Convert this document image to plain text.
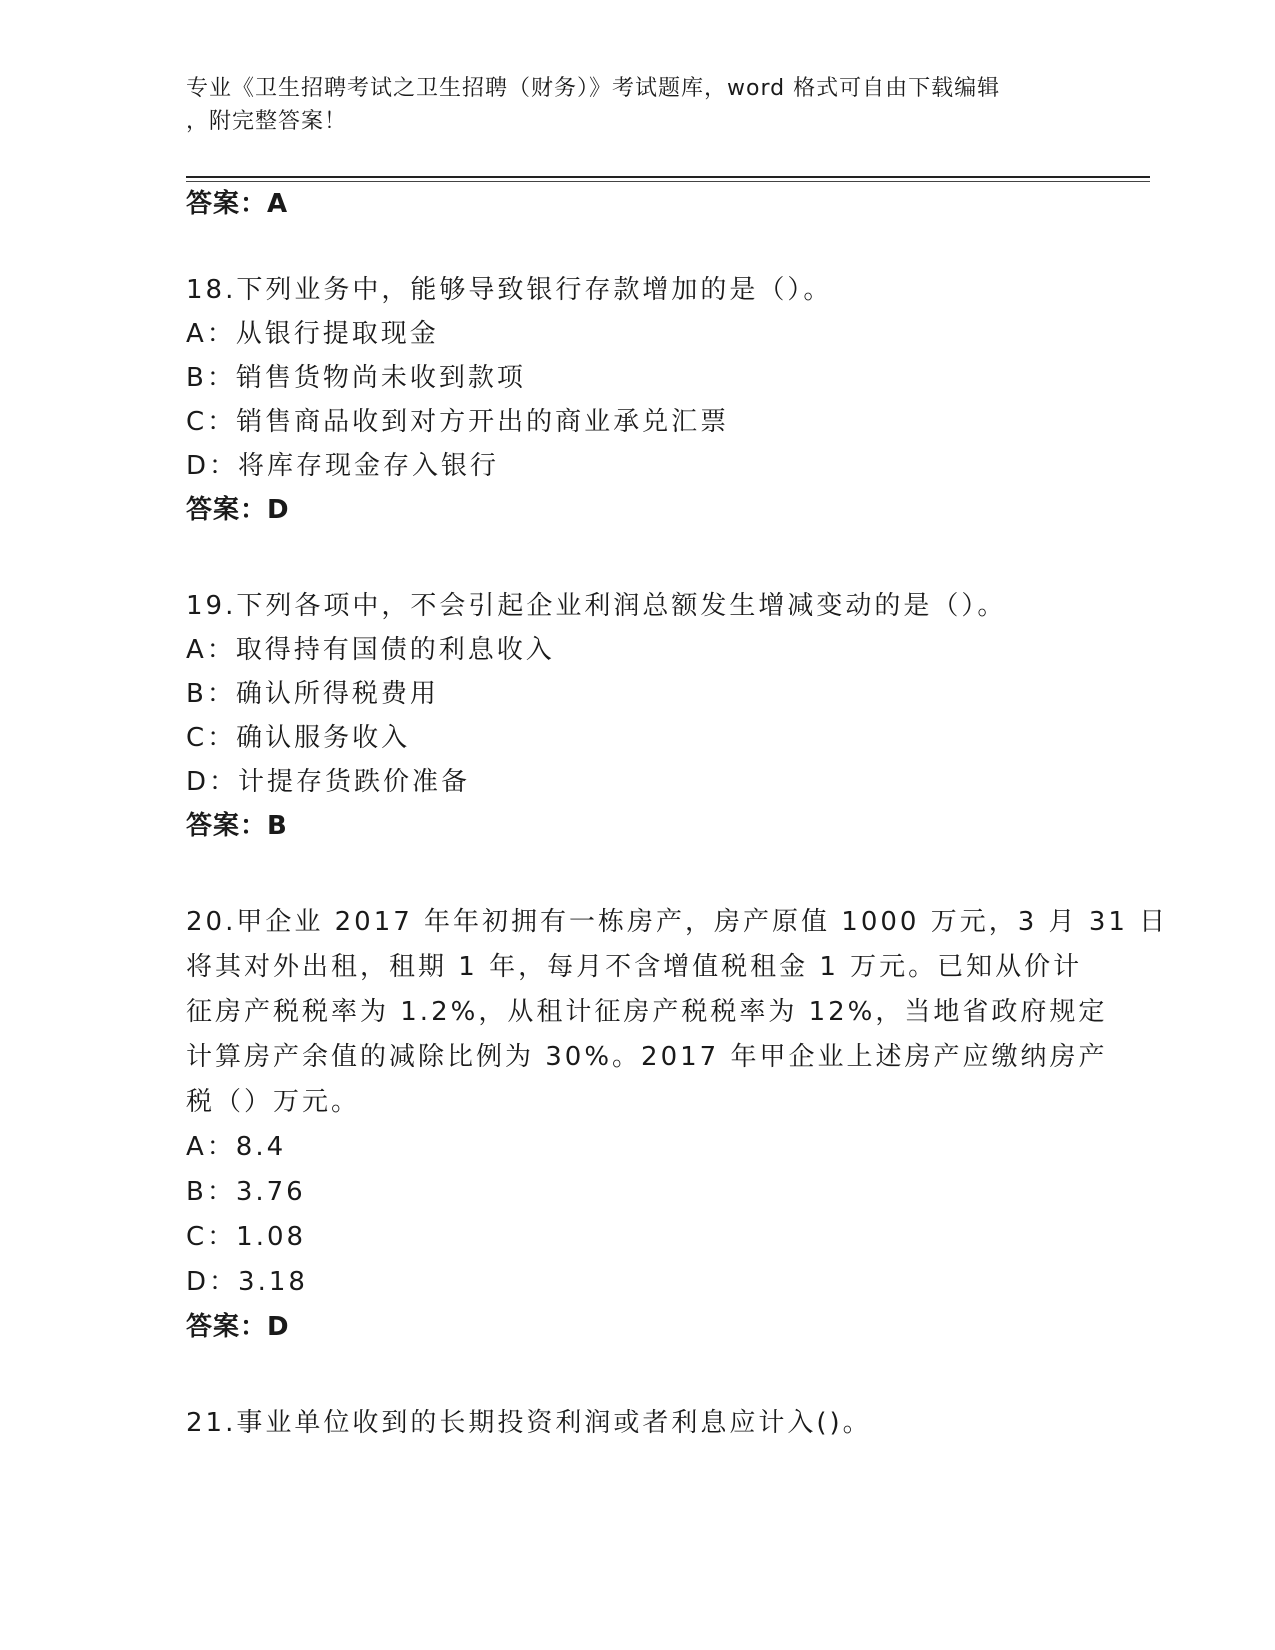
专业《卫生招聘考试之卫生招聘（财务）》考试题库，word 格式可自由下载编辑
，附完整答案！
答案：A
18.下列业务中，能够导致银行存款增加的是（）。
A：从银行提取现金
B：销售货物尚未收到款项
C：销售商品收到对方开出的商业承兑汇票
D：将库存现金存入银行
答案：D
19.下列各项中，不会引起企业利润总额发生增减变动的是（）。
A：取得持有国债的利息收入
B：确认所得税费用
C：确认服务收入
D：计提存货跌价准备
答案：B
20.甲企业 2017 年年初拥有一栋房产，房产原值 1000 万元，3 月 31 日
将其对外出租，租期 1 年，每月不含增值税租金 1 万元。已知从价计
征房产税税率为 1.2%，从租计征房产税税率为 12%，当地省政府规定
计算房产余值的减除比例为 30%。2017 年甲企业上述房产应缴纳房产
税（）万元。
A：8.4
B：3.76
C：1.08
D：3.18
答案：D
21.事业单位收到的长期投资利润或者利息应计入()。
